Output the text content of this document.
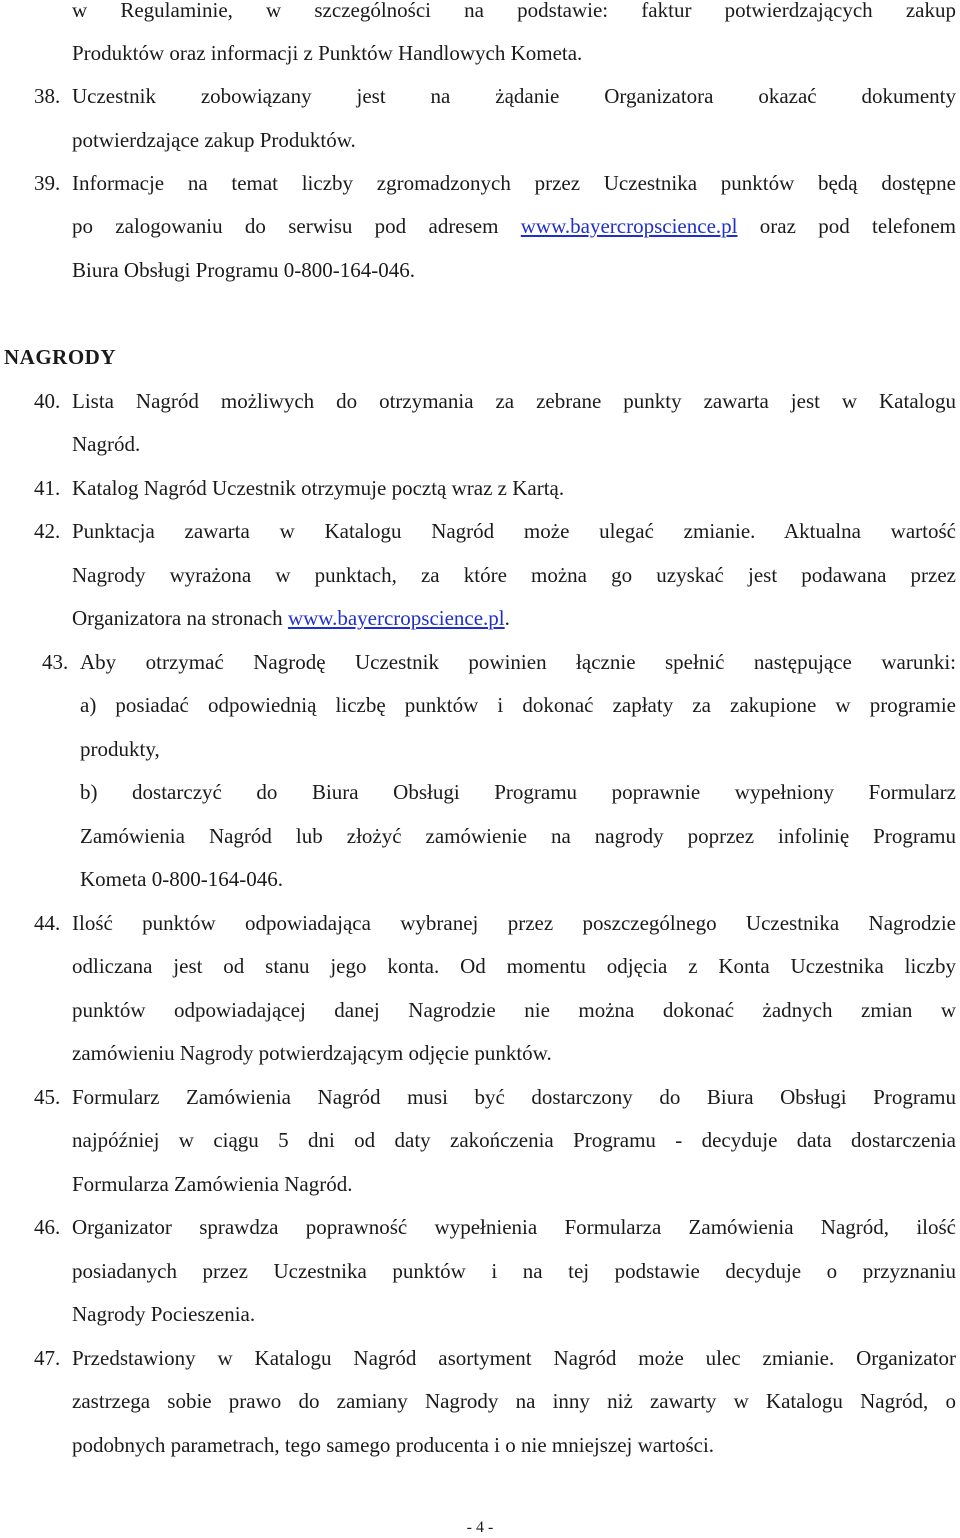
w Regulaminie, w szczególności na podstawie: faktur potwierdzających zakup
Produktów oraz informacji z Punktów Handlowych Kometa.
38. Uczestnik zobowiązany jest na żądanie Organizatora okazać dokumenty
potwierdzające zakup Produktów.
39. Informacje na temat liczby zgromadzonych przez Uczestnika punktów będą dostępne
po zalogowaniu do serwisu pod adresem www.bayercropscience.pl oraz pod telefonem
Biura Obsługi Programu 0-800-164-046.
NAGRODY
40. Lista Nagród możliwych do otrzymania za zebrane punkty zawarta jest w Katalogu
Nagród.
41. Katalog Nagród Uczestnik otrzymuje pocztą wraz z Kartą.
42. Punktacja zawarta w Katalogu Nagród może ulegać zmianie. Aktualna wartość
Nagrody wyrażona w punktach, za które można go uzyskać jest podawana przez
Organizatora na stronach www.bayercropscience.pl.
43. Aby otrzymać Nagrodę Uczestnik powinien łącznie spełnić następujące warunki:
a) posiadać odpowiednią liczbę punktów i dokonać zapłaty za zakupione w programie
produkty,
b) dostarczyć do Biura Obsługi Programu poprawnie wypełniony Formularz
Zamówienia Nagród lub złożyć zamówienie na nagrody poprzez infolinię Programu
Kometa 0-800-164-046.
44. Ilość punktów odpowiadająca wybranej przez poszczególnego Uczestnika Nagrodzie
odliczana jest od stanu jego konta. Od momentu odjęcia z Konta Uczestnika liczby
punktów odpowiadającej danej Nagrodzie nie można dokonać żadnych zmian w
zamówieniu Nagrody potwierdzającym odjęcie punktów.
45. Formularz Zamówienia Nagród musi być dostarczony do Biura Obsługi Programu
najpóźniej w ciągu 5 dni od daty zakończenia Programu - decyduje data dostarczenia
Formularza Zamówienia Nagród.
46. Organizator sprawdza poprawność wypełnienia Formularza Zamówienia Nagród, ilość
posiadanych przez Uczestnika punktów i na tej podstawie decyduje o przyznaniu
Nagrody Pocieszenia.
47. Przedstawiony w Katalogu Nagród asortyment Nagród może ulec zmianie. Organizator
zastrzega sobie prawo do zamiany Nagrody na inny niż zawarty w Katalogu Nagród, o
podobnych parametrach, tego samego producenta i o nie mniejszej wartości.
- 4 -
